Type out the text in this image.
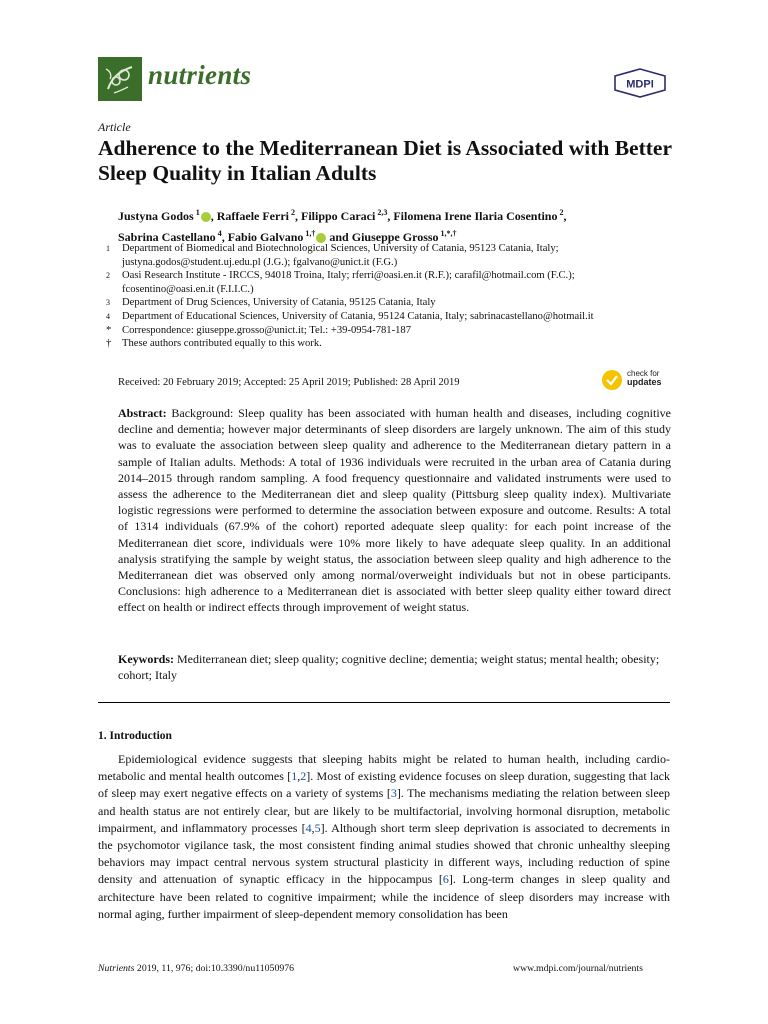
nutrients	MDPI
Article
Adherence to the Mediterranean Diet is Associated with Better Sleep Quality in Italian Adults
Justyna Godos $^1$ , Raffaele Ferri $^2$, Filippo Caraci $^{2,3}$, Filomena Irene Ilaria Cosentino $^2$,
Sabrina Castellano $^4$, Fabio Galvano $^{1,\dagger}$ and Giuseppe Grosso $^{1,*,\dagger}$
1	Department of Biomedical and Biotechnological Sciences, University of Catania, 95123 Catania, Italy;
justyna.godos@student.uj.edu.pl (J.G.); fgalvano@unict.it (F.G.)
2	Oasi Research Institute - IRCCS, 94018 Troina, Italy; rferri@oasi.en.it (R.F.); carafil@hotmail.com (F.C.);
fcosentino@oasi.en.it (F.I.I.C.)
3	Department of Drug Sciences, University of Catania, 95125 Catania, Italy
4	Department of Educational Sciences, University of Catania, 95124 Catania, Italy; sabrinacastellano@hotmail.it
*	Correspondence: giuseppe.grosso@unict.it; Tel.: +39-0954-781-187
†	These authors contributed equally to this work.
Received: 20 February 2019; Accepted: 25 April 2019; Published: 28 April 2019
check for
updates
Abstract: Background: Sleep quality has been associated with human health and diseases, including cognitive decline and dementia; however major determinants of sleep disorders are largely unknown. The aim of this study was to evaluate the association between sleep quality and adherence to the Mediterranean dietary pattern in a sample of Italian adults. Methods: A total of 1936 individuals were recruited in the urban area of Catania during 2014–2015 through random sampling. A food frequency questionnaire and validated instruments were used to assess the adherence to the Mediterranean diet and sleep quality (Pittsburg sleep quality index). Multivariate logistic regressions were performed to determine the association between exposure and outcome. Results: A total of 1314 individuals (67.9% of the cohort) reported adequate sleep quality: for each point increase of the Mediterranean diet score, individuals were 10% more likely to have adequate sleep quality. In an additional analysis stratifying the sample by weight status, the association between sleep quality and high adherence to the Mediterranean diet was observed only among normal/overweight individuals but not in obese participants. Conclusions: high adherence to a Mediterranean diet is associated with better sleep quality either toward direct effect on health or indirect effects through improvement of weight status.
Keywords: Mediterranean diet; sleep quality; cognitive decline; dementia; weight status; mental health; obesity; cohort; Italy
1. Introduction
Epidemiological evidence suggests that sleeping habits might be related to human health, including cardio-metabolic and mental health outcomes [1,2]. Most of existing evidence focuses on sleep duration, suggesting that lack of sleep may exert negative effects on a variety of systems [3]. The mechanisms mediating the relation between sleep and health status are not entirely clear, but are likely to be multifactorial, involving hormonal disruption, metabolic impairment, and inflammatory processes [4,5]. Although short term sleep deprivation is associated to decrements in the psychomotor vigilance task, the most consistent finding animal studies showed that chronic unhealthy sleeping behaviors may impact central nervous system structural plasticity in different ways, including reduction of spine density and attenuation of synaptic efficacy in the hippocampus [6]. Long-term changes in sleep quality and architecture have been related to cognitive impairment; while the incidence of sleep disorders may increase with normal aging, further impairment of sleep-dependent memory consolidation has been
Nutrients 2019, 11, 976; doi:10.3390/nu11050976	www.mdpi.com/journal/nutrients
